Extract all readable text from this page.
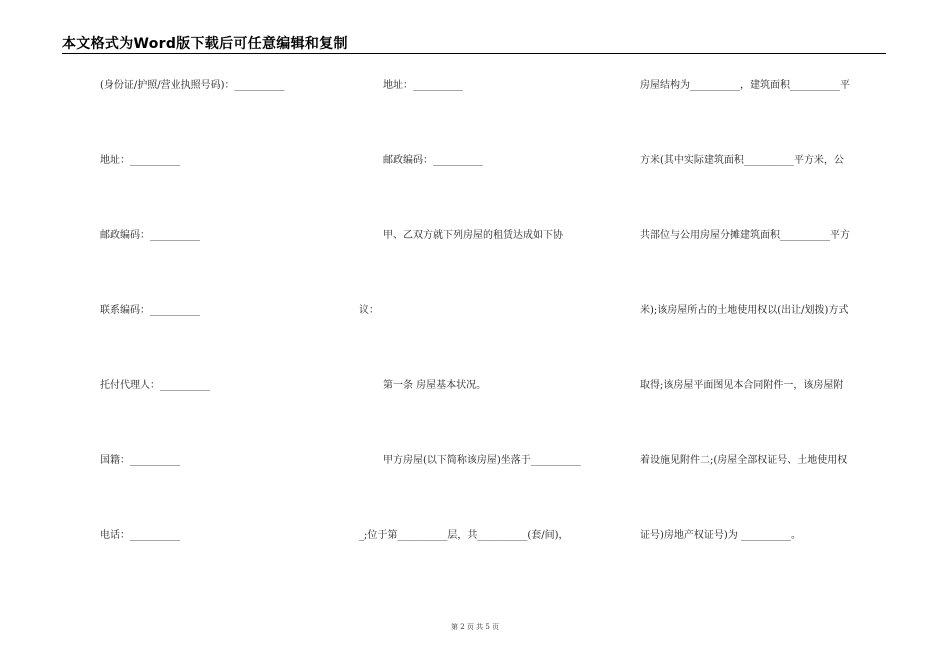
本文格式为Word版下载后可任意编辑和复制
(身份证/护照/营业执照号码)：__________
地址：__________
邮政编码：__________
联系编码：__________
托付代理人：__________
国籍：__________
电话：__________
地址：__________
邮政编码：__________
甲、乙双方就下列房屋的租赁达成如下协
议：
第一条 房屋基本状况。
甲方房屋(以下简称该房屋)坐落于__________
_;位于第__________层，共__________(套/间)，
房屋结构为__________，建筑面积__________平
方米(其中实际建筑面积__________平方米，公
共部位与公用房屋分摊建筑面积__________平方
米);该房屋所占的土地使用权以(出让/划拨)方式
取得;该房屋平面图见本合同附件一，该房屋附
着设施见附件二;(房屋全部权证号、土地使用权
证号)房地产权证号)为 __________。
第 2 页 共 5 页
